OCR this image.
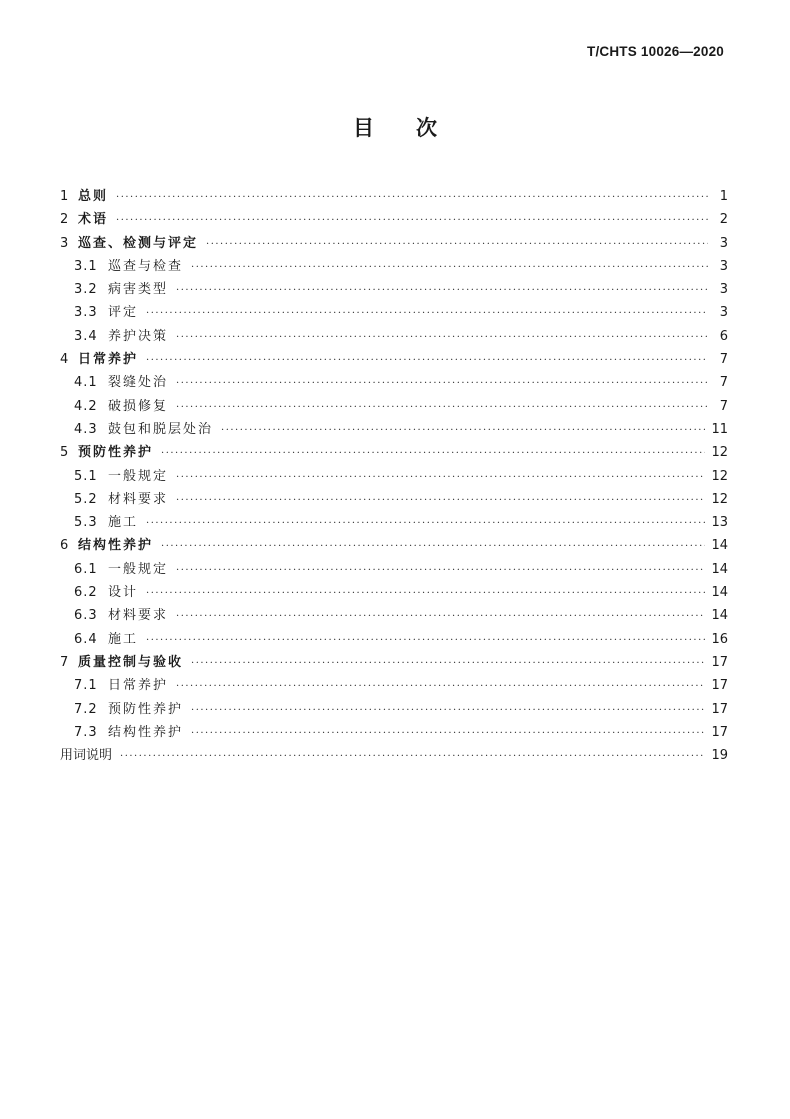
T/CHTS 10026—2020
目次
1 总则 ·····	1
2 术语 ·····	2
3 巡查、检测与评定 ·····	3
3.1 巡查与检查 ·····	3
3.2 病害类型 ·····	3
3.3 评定 ·····	3
3.4 养护决策 ·····	6
4 日常养护 ·····	7
4.1 裂缝处治 ·····	7
4.2 破损修复 ·····	7
4.3 鼓包和脱层处治 ·····	11
5 预防性养护 ·····	12
5.1 一般规定 ·····	12
5.2 材料要求 ·····	12
5.3 施工 ·····	13
6 结构性养护 ·····	14
6.1 一般规定 ·····	14
6.2 设计 ·····	14
6.3 材料要求 ·····	14
6.4 施工 ·····	16
7 质量控制与验收 ·····	17
7.1 日常养护 ·····	17
7.2 预防性养护 ·····	17
7.3 结构性养护 ·····	17
用词说明 ·····	19
